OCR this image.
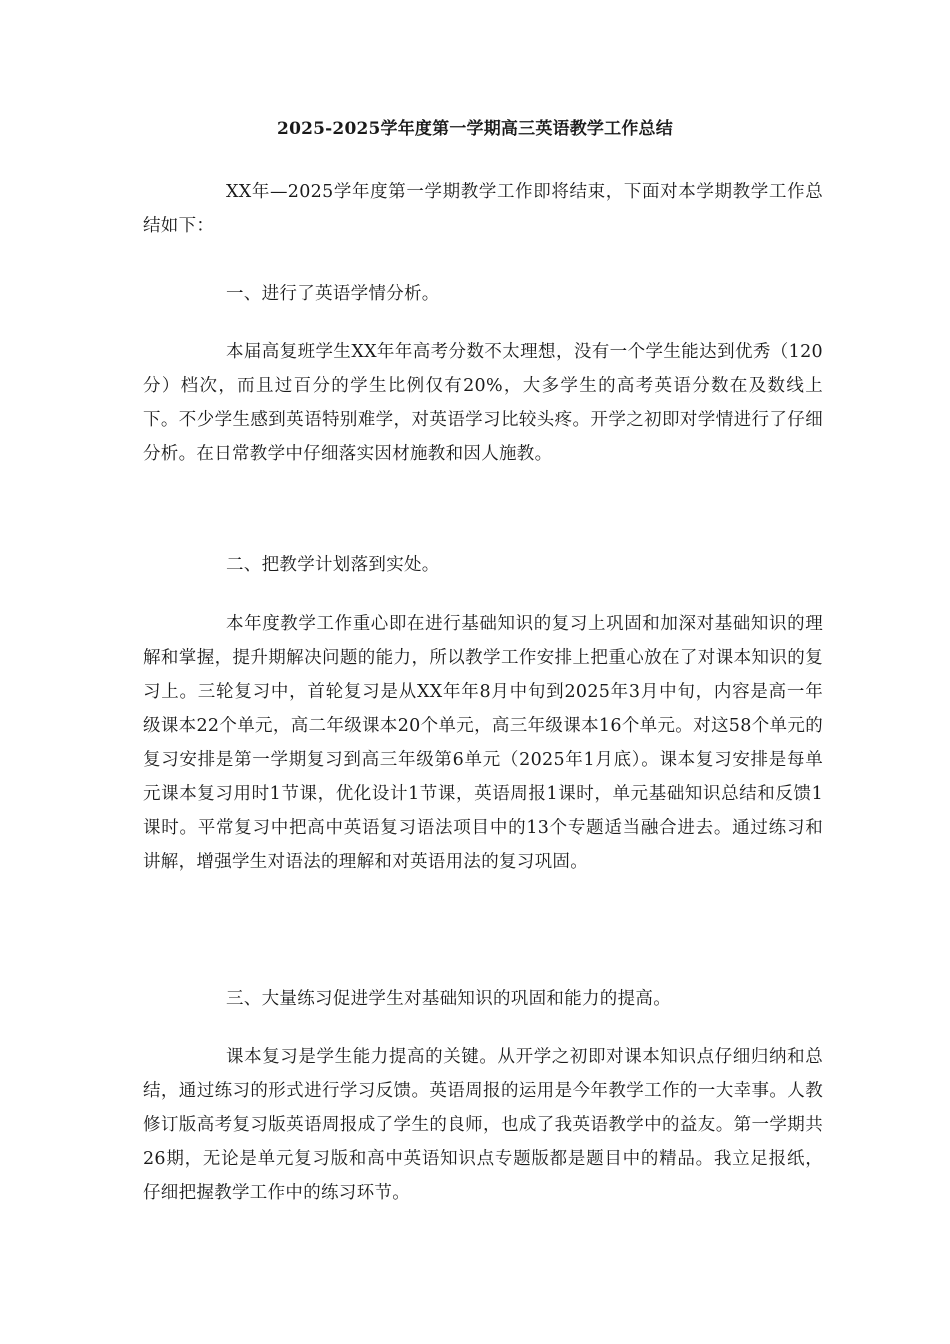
2025-2025学年度第一学期高三英语教学工作总结

XX年—2025学年度第一学期教学工作即将结束，下面对本学期教学工作总结如下：

一、进行了英语学情分析。

本届高复班学生XX年年高考分数不太理想，没有一个学生能达到优秀（120分）档次，而且过百分的学生比例仅有20%，大多学生的高考英语分数在及数线上下。不少学生感到英语特别难学，对英语学习比较头疼。开学之初即对学情进行了仔细分析。在日常教学中仔细落实因材施教和因人施教。

二、把教学计划落到实处。

本年度教学工作重心即在进行基础知识的复习上巩固和加深对基础知识的理解和掌握，提升期解决问题的能力，所以教学工作安排上把重心放在了对课本知识的复习上。三轮复习中，首轮复习是从XX年年8月中旬到2025年3月中旬，内容是高一年级课本22个单元，高二年级课本20个单元，高三年级课本16个单元。对这58个单元的复习安排是第一学期复习到高三年级第6单元（2025年1月底）。课本复习安排是每单元课本复习用时1节课，优化设计1节课，英语周报1课时，单元基础知识总结和反馈1课时。平常复习中把高中英语复习语法项目中的13个专题适当融合进去。通过练习和讲解，增强学生对语法的理解和对英语用法的复习巩固。

三、大量练习促进学生对基础知识的巩固和能力的提高。

课本复习是学生能力提高的关键。从开学之初即对课本知识点仔细归纳和总结，通过练习的形式进行学习反馈。英语周报的运用是今年教学工作的一大幸事。人教修订版高考复习版英语周报成了学生的良师，也成了我英语教学中的益友。第一学期共26期，无论是单元复习版和高中英语知识点专题版都是题目中的精品。我立足报纸，仔细把握教学工作中的练习环节。
